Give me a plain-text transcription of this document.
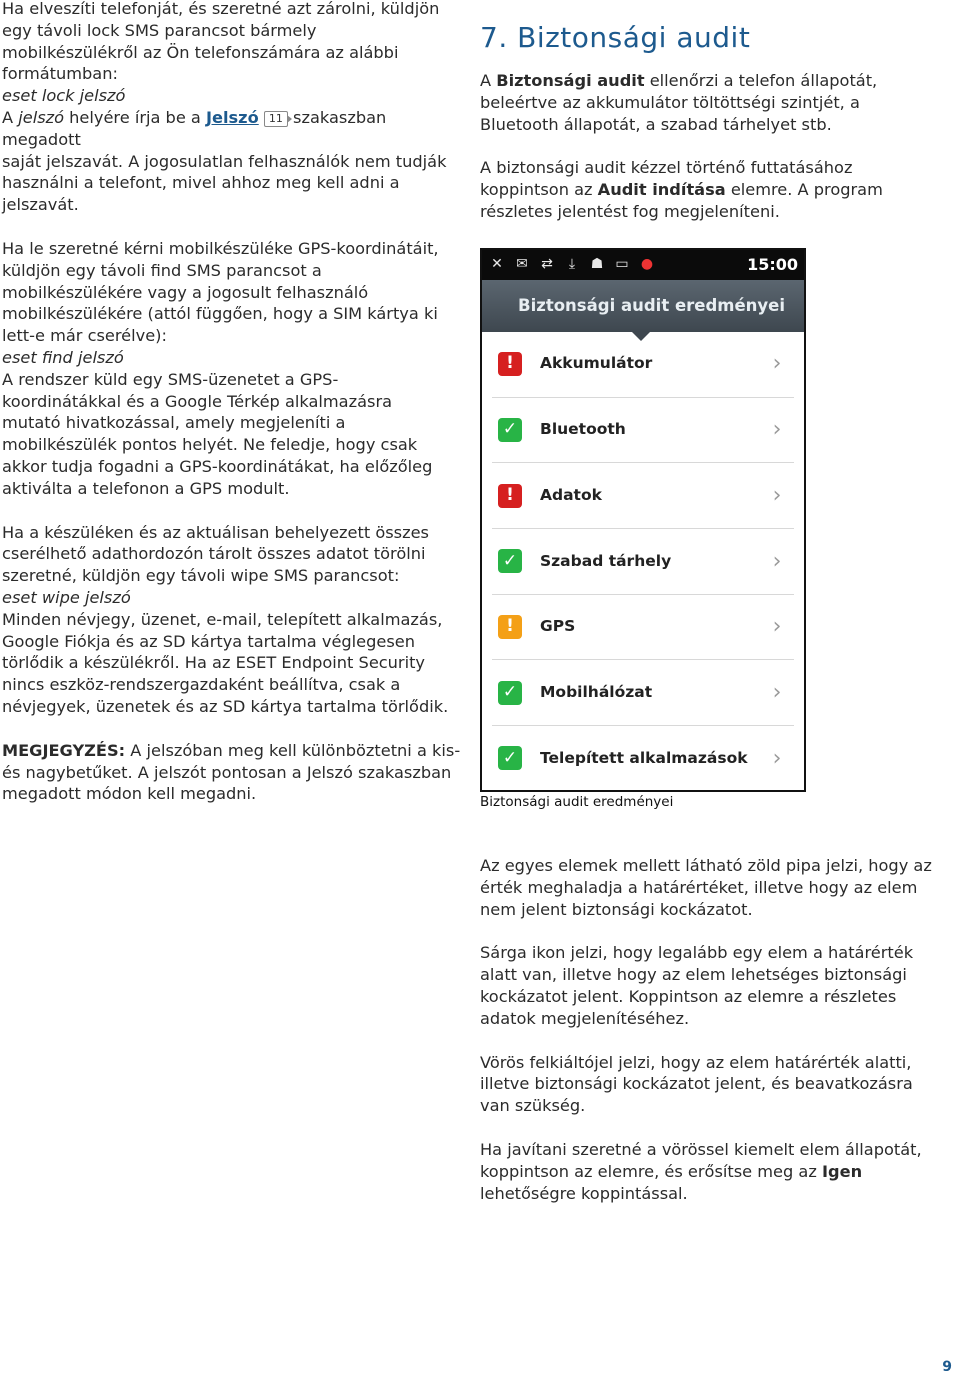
Ha elveszíti telefonját, és szeretné azt zárolni, küldjön
egy távoli lock SMS parancsot bármely
mobilkészülékről az Ön telefonszámára az alábbi
formátumban:
eset lock jelszó
A jelszó helyére írja be a Jelszó 11 szakaszban megadott
saját jelszavát. A jogosulatlan felhasználók nem tudják
használni a telefont, mivel ahhoz meg kell adni a
jelszavát.

Ha le szeretné kérni mobilkészüléke GPS-koordinátáit,
küldjön egy távoli find SMS parancsot a
mobilkészülékére vagy a jogosult felhasználó
mobilkészülékére (attól függően, hogy a SIM kártya ki
lett-e már cserélve):
eset find jelszó
A rendszer küld egy SMS-üzenetet a GPS-
koordinátákkal és a Google Térkép alkalmazásra
mutató hivatkozással, amely megjeleníti a
mobilkészülék pontos helyét. Ne feledje, hogy csak
akkor tudja fogadni a GPS-koordinátákat, ha előzőleg
aktiválta a telefonon a GPS modult.

Ha a készüléken és az aktuálisan behelyezett összes
cserélhető adathordozón tárolt összes adatot törölni
szeretné, küldjön egy távoli wipe SMS parancsot:
eset wipe jelszó
Minden névjegy, üzenet, e-mail, telepített alkalmazás,
Google Fiókja és az SD kártya tartalma véglegesen
törlődik a készülékről. Ha az ESET Endpoint Security
nincs eszköz-rendszergazdaként beállítva, csak a
névjegyek, üzenetek és az SD kártya tartalma törlődik.

MEGJEGYZÉS: A jelszóban meg kell különböztetni a kis-
és nagybetűket. A jelszót pontosan a Jelszó szakaszban
megadott módon kell megadni.

7. Biztonsági audit

A Biztonsági audit ellenőrzi a telefon állapotát,
beleértve az akkumulátor töltöttségi szintjét, a
Bluetooth állapotát, a szabad tárhelyet stb.

A biztonsági audit kézzel történő futtatásához
koppintson az Audit indítása elemre. A program
részletes jelentést fog megjeleníteni.

✕ ✉ ⇄	⤓	☗ ▭ ●	15:00
Biztonsági audit eredményei
!	Akkumulátor	›
✓	Bluetooth	›
!	Adatok	›
✓	Szabad tárhely	›
!	GPS	›
✓	Mobilhálózat	›
✓	Telepített alkalmazások	›
Biztonsági audit eredményei

Az egyes elemek mellett látható zöld pipa jelzi, hogy az
érték meghaladja a határértéket, illetve hogy az elem
nem jelent biztonsági kockázatot.

Sárga ikon jelzi, hogy legalább egy elem a határérték
alatt van, illetve hogy az elem lehetséges biztonsági
kockázatot jelent. Koppintson az elemre a részletes
adatok megjelenítéséhez.

Vörös felkiáltójel jelzi, hogy az elem határérték alatti,
illetve biztonsági kockázatot jelent, és beavatkozásra
van szükség.

Ha javítani szeretné a vörössel kiemelt elem állapotát,
koppintson az elemre, és erősítse meg az Igen
lehetőségre koppintással.

9
